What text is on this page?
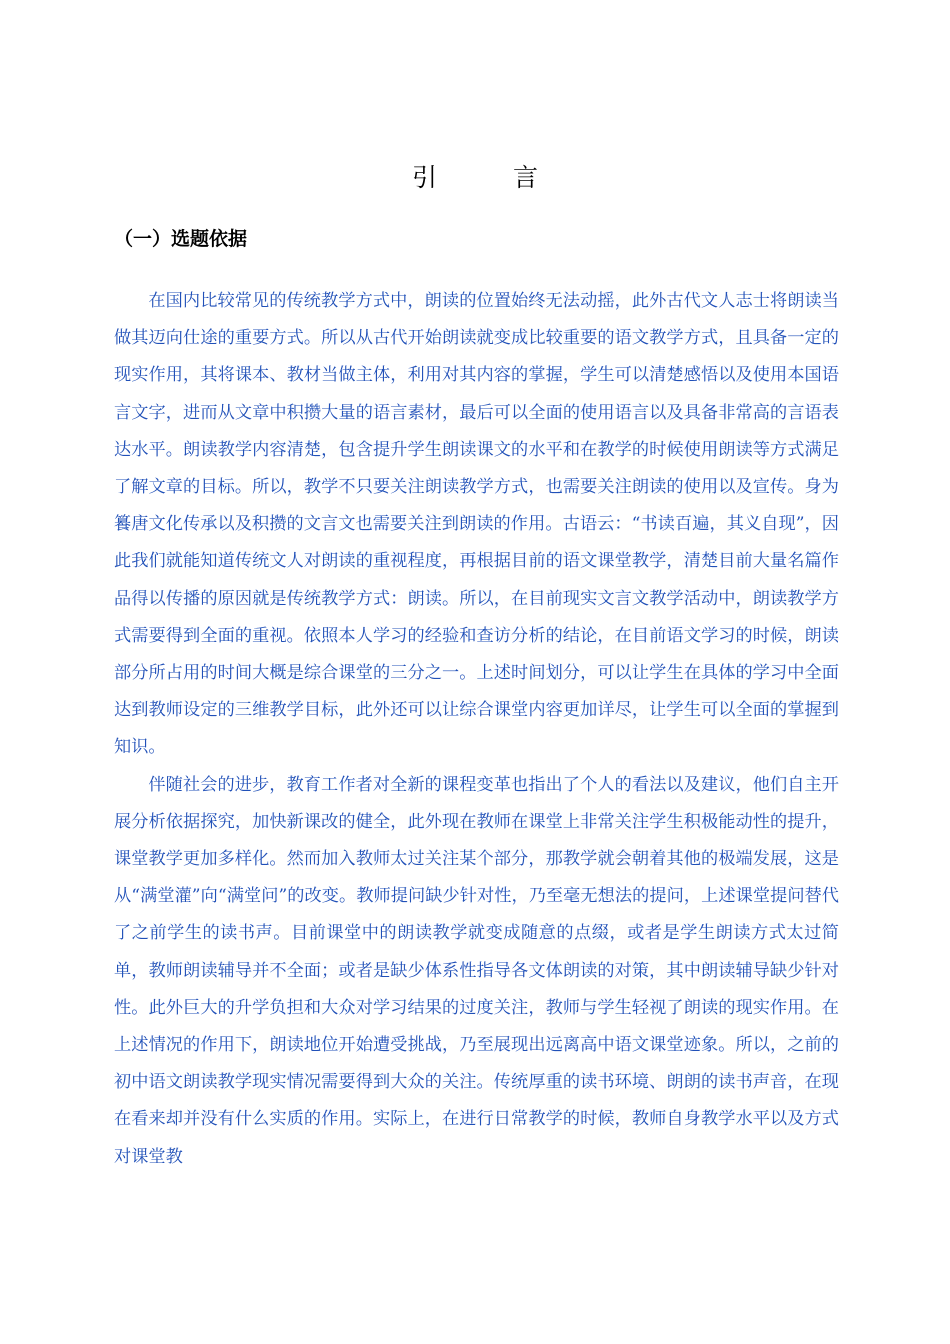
引 言
（一）选题依据

在国内比较常见的传统教学方式中，朗读的位置始终无法动摇，此外古代文人志士将朗读当做其迈向仕途的重要方式。所以从古代开始朗读就变成比较重要的语文教学方式，且具备一定的现实作用，其将课本、教材当做主体，利用对其内容的掌握，学生可以清楚感悟以及使用本国语言文字，进而从文章中积攒大量的语言素材，最后可以全面的使用语言以及具备非常高的言语表达水平。朗读教学内容清楚，包含提升学生朗读课文的水平和在教学的时候使用朗读等方式满足了解文章的目标。所以，教学不只要关注朗读教学方式，也需要关注朗读的使用以及宣传。身为籑唐文化传承以及积攒的文言文也需要关注到朗读的作用。古语云：“书读百遍，其义自现”，因此我们就能知道传统文人对朗读的重视程度，再根据目前的语文课堂教学，清楚目前大量名篇作品得以传播的原因就是传统教学方式：朗读。所以，在目前现实文言文教学活动中，朗读教学方式需要得到全面的重视。依照本人学习的经验和查访分析的结论，在目前语文学习的时候，朗读部分所占用的时间大概是综合课堂的三分之一。上述时间划分，可以让学生在具体的学习中全面达到教师设定的三维教学目标，此外还可以让综合课堂内容更加详尽，让学生可以全面的掌握到知识。

伴随社会的进步，教育工作者对全新的课程变革也指出了个人的看法以及建议，他们自主开展分析依据探究，加快新课改的健全，此外现在教师在课堂上非常关注学生积极能动性的提升，课堂教学更加多样化。然而加入教师太过关注某个部分，那教学就会朝着其他的极端发展，这是从“满堂灌”向“满堂问”的改变。教师提问缺少针对性，乃至毫无想法的提问，上述课堂提问替代了之前学生的读书声。目前课堂中的朗读教学就变成随意的点缀，或者是学生朗读方式太过简单，教师朗读辅导并不全面；或者是缺少体系性指导各文体朗读的对策，其中朗读辅导缺少针对性。此外巨大的升学负担和大众对学习结果的过度关注，教师与学生轻视了朗读的现实作用。在上述情况的作用下，朗读地位开始遭受挑战，乃至展现出远离高中语文课堂迹象。所以，之前的初中语文朗读教学现实情况需要得到大众的关注。传统厚重的读书环境、朗朗的读书声音，在现在看来却并没有什么实质的作用。实际上，在进行日常教学的时候，教师自身教学水平以及方式对课堂教
